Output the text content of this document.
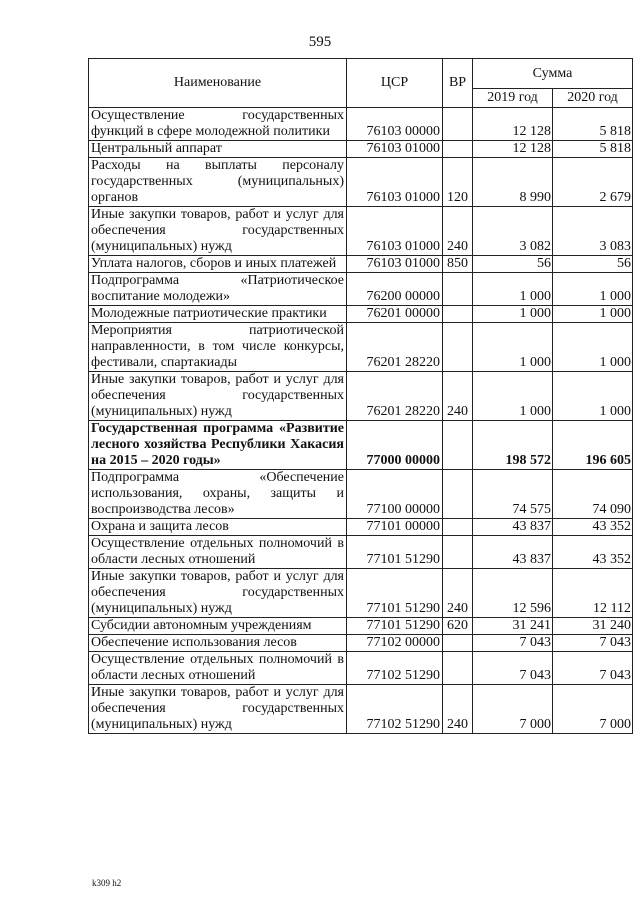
595
Наименование	ЦСР	ВР	Сумма	
			2019 год	2020 год
Осуществление государственных функций в сфере молодежной политики	76103 00000		12 128	5 818
Центральный аппарат	76103 01000		12 128	5 818
Расходы на выплаты персоналу государственных (муниципальных) органов	76103 01000	120	8 990	2 679
Иные закупки товаров, работ и услуг для обеспечения государственных (муниципальных) нужд	76103 01000	240	3 082	3 083
Уплата налогов, сборов и иных платежей	76103 01000	850	56	56
Подпрограмма «Патриотическое воспитание молодежи»	76200 00000		1 000	1 000
Молодежные патриотические практики	76201 00000		1 000	1 000
Мероприятия патриотической направленности, в том числе конкурсы, фестивали, спартакиады	76201 28220		1 000	1 000
Иные закупки товаров, работ и услуг для обеспечения государственных (муниципальных) нужд	76201 28220	240	1 000	1 000
Государственная программа «Развитие лесного хозяйства Республики Хакасия на 2015 – 2020 годы»	77000 00000		198 572	196 605
Подпрограмма «Обеспечение использования, охраны, защиты и воспроизводства лесов»	77100 00000		74 575	74 090
Охрана и защита лесов	77101 00000		43 837	43 352
Осуществление отдельных полномочий в области лесных отношений	77101 51290		43 837	43 352
Иные закупки товаров, работ и услуг для обеспечения государственных (муниципальных) нужд	77101 51290	240	12 596	12 112
Субсидии автономным учреждениям	77101 51290	620	31 241	31 240
Обеспечение использования лесов	77102 00000		7 043	7 043
Осуществление отдельных полномочий в области лесных отношений	77102 51290		7 043	7 043
Иные закупки товаров, работ и услуг для обеспечения государственных (муниципальных) нужд	77102 51290	240	7 000	7 000
k309 h2
